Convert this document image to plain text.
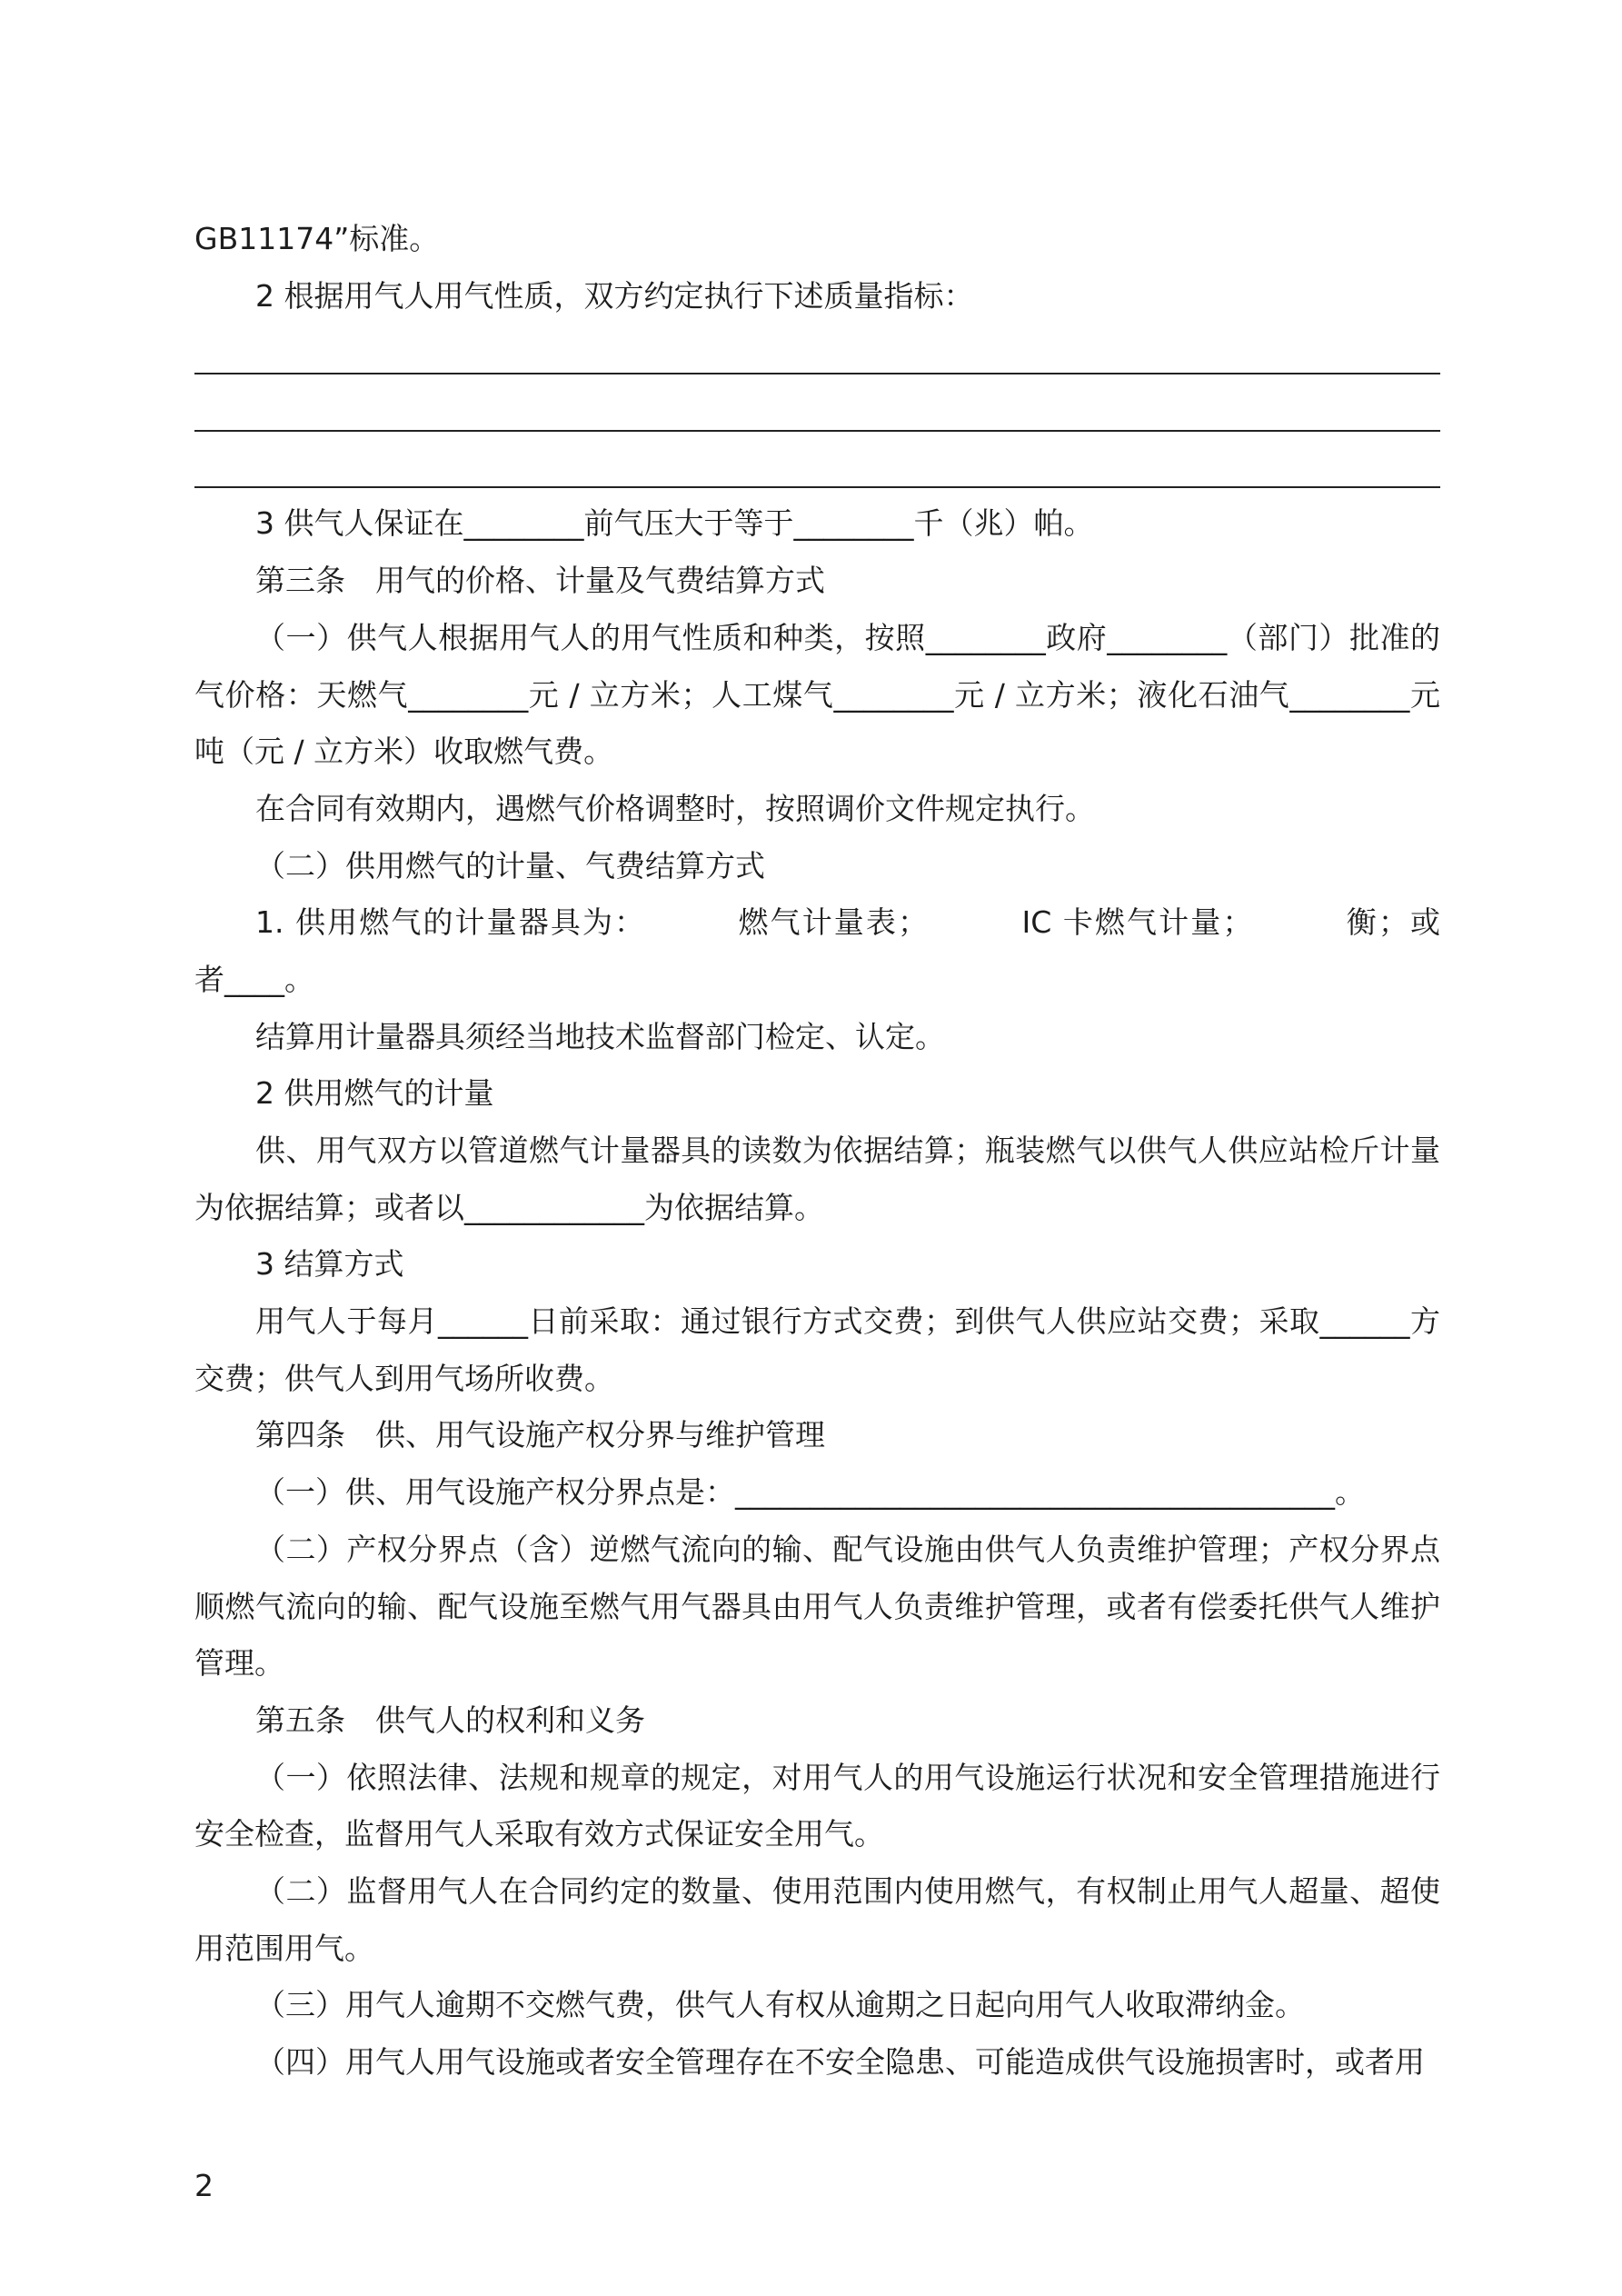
GB11174”标准。
2 根据用气人用气性质，双方约定执行下述质量指标：
3 供气人保证在________前气压大于等于________千（兆）帕。
第三条　用气的价格、计量及气费结算方式
（一）供气人根据用气人的用气性质和种类，按照________政府________（部门）批准的
气价格：天燃气________元 / 立方米；人工煤气________元 / 立方米；液化石油气________元
吨（元 / 立方米）收取燃气费。
在合同有效期内，遇燃气价格调整时，按照调价文件规定执行。
（二）供用燃气的计量、气费结算方式
1. 供用燃气的计量器具为：　　　 燃气计量表；　　　 IC 卡燃气计量；　　　 衡；或
者____。
结算用计量器具须经当地技术监督部门检定、认定。
2 供用燃气的计量
供、用气双方以管道燃气计量器具的读数为依据结算；瓶装燃气以供气人供应站检斤计量
为依据结算；或者以____________为依据结算。
3 结算方式
用气人于每月______日前采取：通过银行方式交费；到供气人供应站交费；采取______方
交费；供气人到用气场所收费。
第四条　供、用气设施产权分界与维护管理
（一）供、用气设施产权分界点是：________________________________________。
（二）产权分界点（含）逆燃气流向的输、配气设施由供气人负责维护管理；产权分界点
顺燃气流向的输、配气设施至燃气用气器具由用气人负责维护管理，或者有偿委托供气人维护
管理。
第五条　供气人的权利和义务
（一）依照法律、法规和规章的规定，对用气人的用气设施运行状况和安全管理措施进行
安全检查，监督用气人采取有效方式保证安全用气。
（二）监督用气人在合同约定的数量、使用范围内使用燃气，有权制止用气人超量、超使
用范围用气。
（三）用气人逾期不交燃气费，供气人有权从逾期之日起向用气人收取滞纳金。
（四）用气人用气设施或者安全管理存在不安全隐患、可能造成供气设施损害时，或者用
2
